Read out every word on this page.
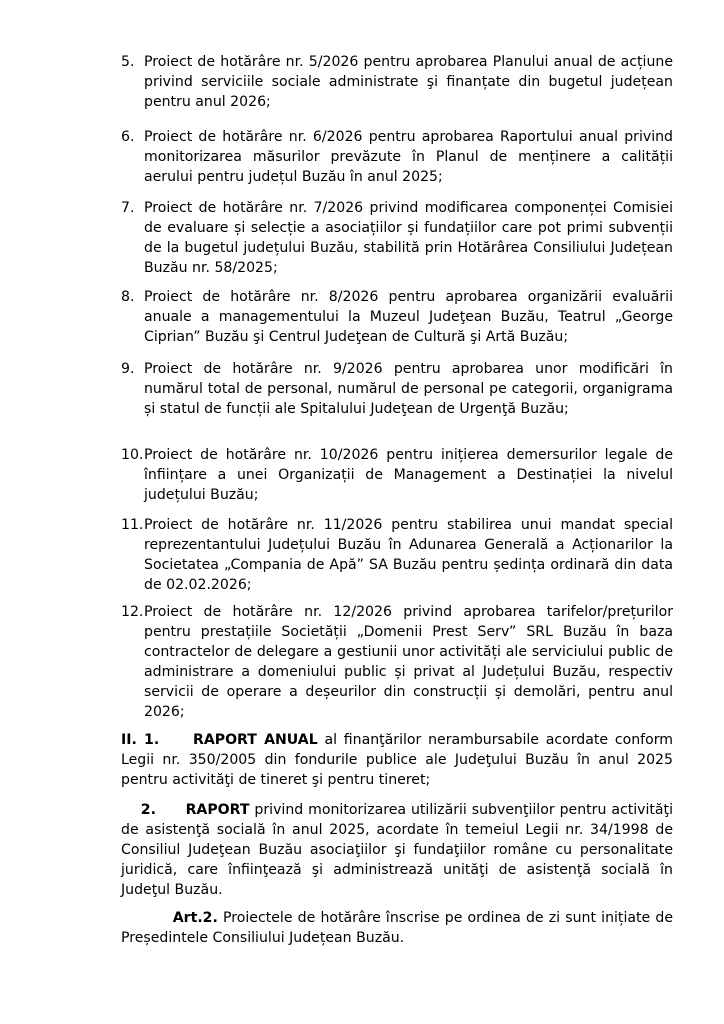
5. Proiect de hotărâre nr. 5/2026 pentru aprobarea Planului anual de acțiune privind serviciile sociale administrate şi finanțate din bugetul județean pentru anul 2026;
6. Proiect de hotărâre nr. 6/2026 pentru aprobarea Raportului anual privind monitorizarea măsurilor prevăzute în Planul de menținere a calității aerului pentru județul Buzău în anul 2025;
7. Proiect de hotărâre nr. 7/2026 privind modificarea componenței Comisiei de evaluare și selecție a asociațiilor și fundațiilor care pot primi subvenții de la bugetul județului Buzău, stabilită prin Hotărârea Consiliului Județean Buzău nr. 58/2025;
8. Proiect de hotărâre nr. 8/2026 pentru aprobarea organizării evaluării anuale a managementului la Muzeul Judeţean Buzău, Teatrul „George Ciprian” Buzău şi Centrul Judeţean de Cultură şi Artă Buzău;
9. Proiect de hotărâre nr. 9/2026 pentru aprobarea unor modificări în numărul total de personal, numărul de personal pe categorii, organigrama și statul de funcții ale Spitalului Judeţean de Urgenţă Buzău;
10. Proiect de hotărâre nr. 10/2026 pentru inițierea demersurilor legale de înființare a unei Organizații de Management a Destinației la nivelul județului Buzău;
11. Proiect de hotărâre nr. 11/2026 pentru stabilirea unui mandat special reprezentantului Județului Buzău în Adunarea Generală a Acționarilor la Societatea „Compania de Apă” SA Buzău pentru ședința ordinară din data de 02.02.2026;
12. Proiect de hotărâre nr. 12/2026 privind aprobarea tarifelor/prețurilor pentru prestațiile Societății „Domenii Prest Serv” SRL Buzău în baza contractelor de delegare a gestiunii unor activități ale serviciului public de administrare a domeniului public și privat al Județului Buzău, respectiv servicii de operare a deșeurilor din construcții și demolări, pentru anul 2026;
II. 1. RAPORT ANUAL al finanţărilor nerambursabile acordate conform Legii nr. 350/2005 din fondurile publice ale Judeţului Buzău în anul 2025 pentru activităţi de tineret şi pentru tineret;
2. RAPORT privind monitorizarea utilizării subvenţiilor pentru activităţi de asistenţă socială în anul 2025, acordate în temeiul Legii nr. 34/1998 de Consiliul Judeţean Buzău asociaţiilor şi fundaţiilor române cu personalitate juridică, care înfiinţează şi administrează unităţi de asistenţă socială în Judeţul Buzău.
Art.2. Proiectele de hotărâre înscrise pe ordinea de zi sunt inițiate de Președintele Consiliului Județean Buzău.
